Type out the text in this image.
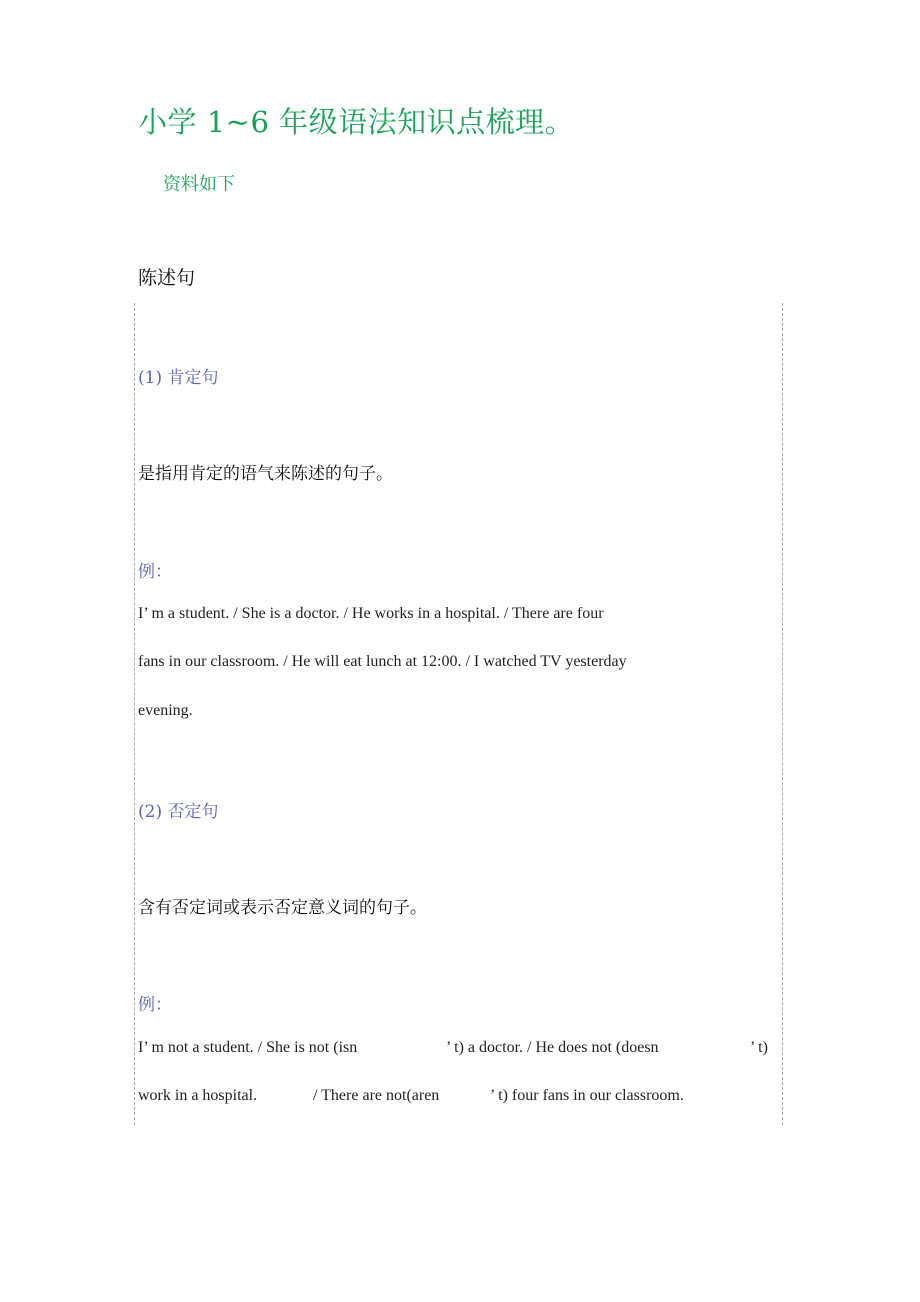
小学 1~6 年级语法知识点梳理。
资料如下
陈述句
(1) 肯定句
是指用肯定的语气来陈述的句子。
例：
I’ m a student. / She is a doctor. / He works in a hospital. / There are four
fans in our classroom. / He will eat lunch at 12:00. / I watched TV yesterday
evening.
(2) 否定句
含有否定词或表示否定意义词的句子。
例：
I’ m not a student. / She is not (isn	’ t) a doctor. / He does not (doesn	’ t)
work in a hospital.	/ There are not(aren	’ t) four fans in our classroom.
